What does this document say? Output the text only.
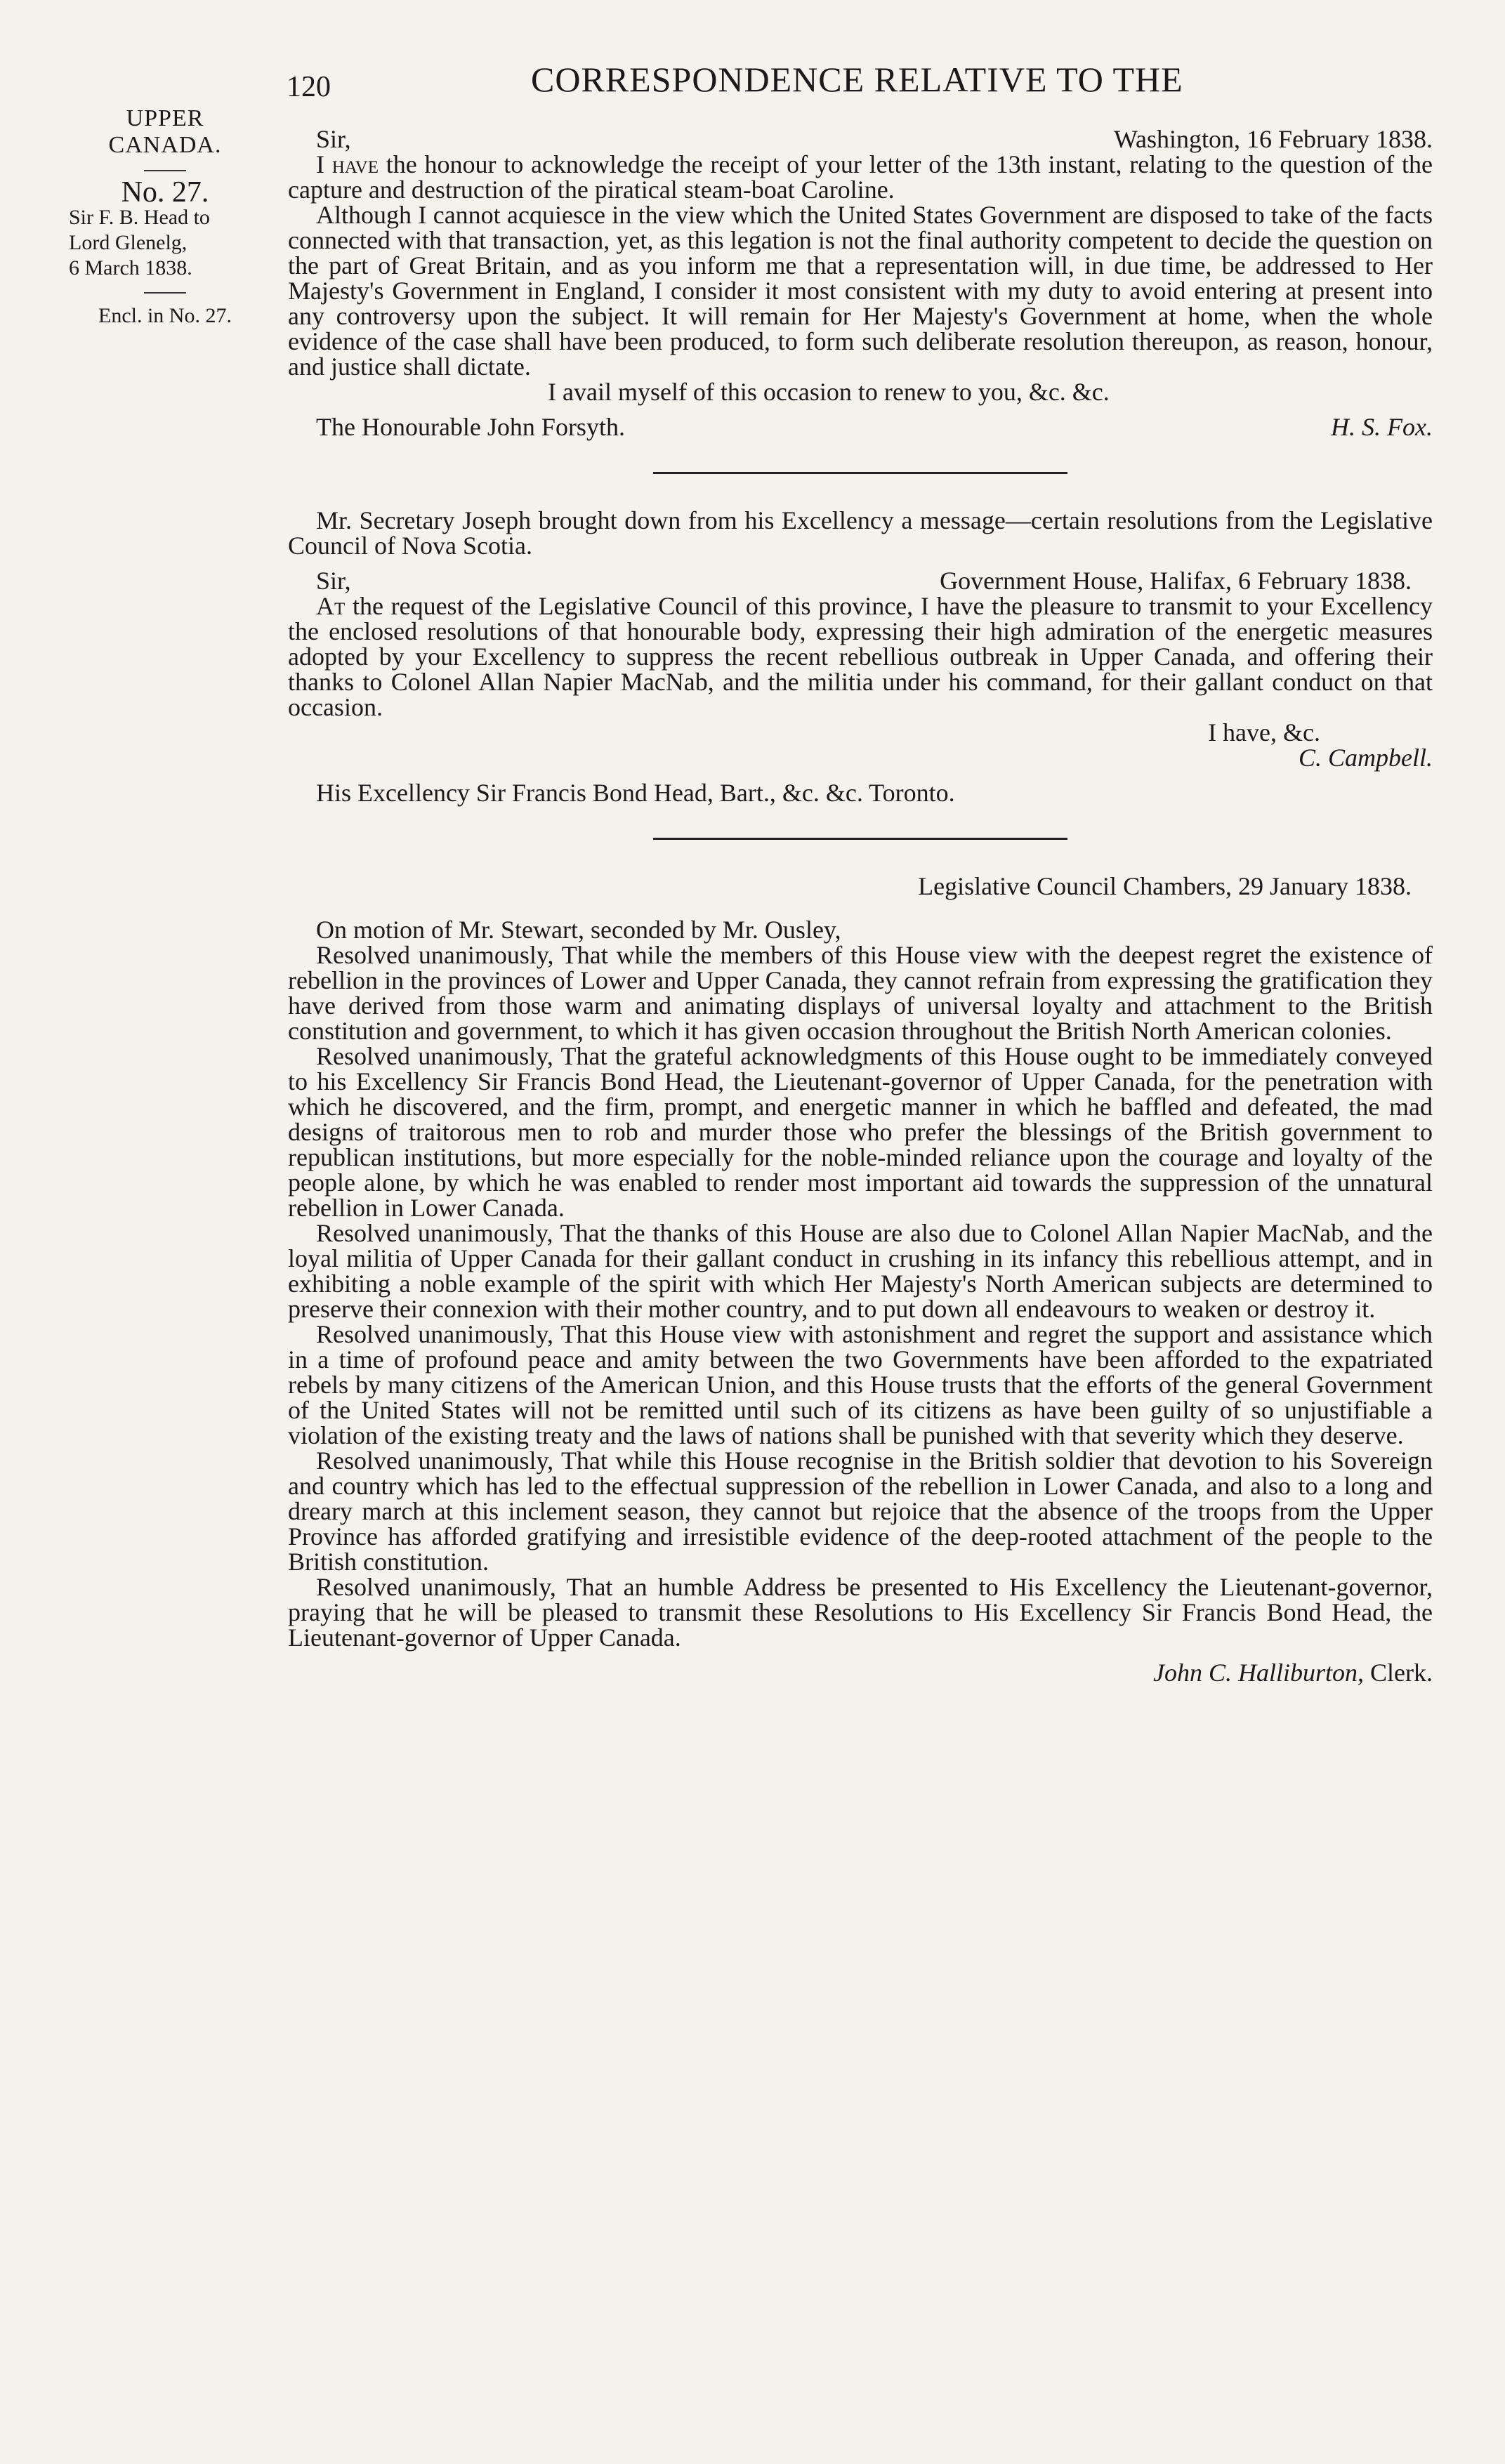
120	CORRESPONDENCE RELATIVE TO THE
UPPER
CANADA.
No. 27.
Sir F. B. Head to
Lord Glenelg,
6 March 1838.
Encl. in No. 27.
Sir,	Washington, 16 February 1838.

I have the honour to acknowledge the receipt of your letter of the 13th instant, relating to the question of the capture and destruction of the piratical steam-boat Caroline.

Although I cannot acquiesce in the view which the United States Government are disposed to take of the facts connected with that transaction, yet, as this legation is not the final authority competent to decide the question on the part of Great Britain, and as you inform me that a representation will, in due time, be addressed to Her Majesty's Government in England, I consider it most consistent with my duty to avoid entering at present into any controversy upon the subject. It will remain for Her Majesty's Government at home, when the whole evidence of the case shall have been produced, to form such deliberate resolution thereupon, as reason, honour, and justice shall dictate.

I avail myself of this occasion to renew to you, &c. &c.

The Honourable John Forsyth.	H. S. Fox.

Mr. Secretary Joseph brought down from his Excellency a message—certain resolutions from the Legislative Council of Nova Scotia.

Sir,	Government House, Halifax, 6 February 1838.

At the request of the Legislative Council of this province, I have the pleasure to transmit to your Excellency the enclosed resolutions of that honourable body, expressing their high admiration of the energetic measures adopted by your Excellency to suppress the recent rebellious outbreak in Upper Canada, and offering their thanks to Colonel Allan Napier MacNab, and the militia under his command, for their gallant conduct on that occasion.

I have, &c.

C. Campbell.

His Excellency Sir Francis Bond Head, Bart., &c. &c. Toronto.

Legislative Council Chambers, 29 January 1838.

On motion of Mr. Stewart, seconded by Mr. Ousley,

Resolved unanimously, That while the members of this House view with the deepest regret the existence of rebellion in the provinces of Lower and Upper Canada, they cannot refrain from expressing the gratification they have derived from those warm and animating displays of universal loyalty and attachment to the British constitution and government, to which it has given occasion throughout the British North American colonies.

Resolved unanimously, That the grateful acknowledgments of this House ought to be immediately conveyed to his Excellency Sir Francis Bond Head, the Lieutenant-governor of Upper Canada, for the penetration with which he discovered, and the firm, prompt, and energetic manner in which he baffled and defeated, the mad designs of traitorous men to rob and murder those who prefer the blessings of the British government to republican institutions, but more especially for the noble-minded reliance upon the courage and loyalty of the people alone, by which he was enabled to render most important aid towards the suppression of the unnatural rebellion in Lower Canada.

Resolved unanimously, That the thanks of this House are also due to Colonel Allan Napier MacNab, and the loyal militia of Upper Canada for their gallant conduct in crushing in its infancy this rebellious attempt, and in exhibiting a noble example of the spirit with which Her Majesty's North American subjects are determined to preserve their connexion with their mother country, and to put down all endeavours to weaken or destroy it.

Resolved unanimously, That this House view with astonishment and regret the support and assistance which in a time of profound peace and amity between the two Governments have been afforded to the expatriated rebels by many citizens of the American Union, and this House trusts that the efforts of the general Government of the United States will not be remitted until such of its citizens as have been guilty of so unjustifiable a violation of the existing treaty and the laws of nations shall be punished with that severity which they deserve.

Resolved unanimously, That while this House recognise in the British soldier that devotion to his Sovereign and country which has led to the effectual suppression of the rebellion in Lower Canada, and also to a long and dreary march at this inclement season, they cannot but rejoice that the absence of the troops from the Upper Province has afforded gratifying and irresistible evidence of the deep-rooted attachment of the people to the British constitution.

Resolved unanimously, That an humble Address be presented to His Excellency the Lieutenant-governor, praying that he will be pleased to transmit these Resolutions to His Excellency Sir Francis Bond Head, the Lieutenant-governor of Upper Canada.

John C. Halliburton, Clerk.
